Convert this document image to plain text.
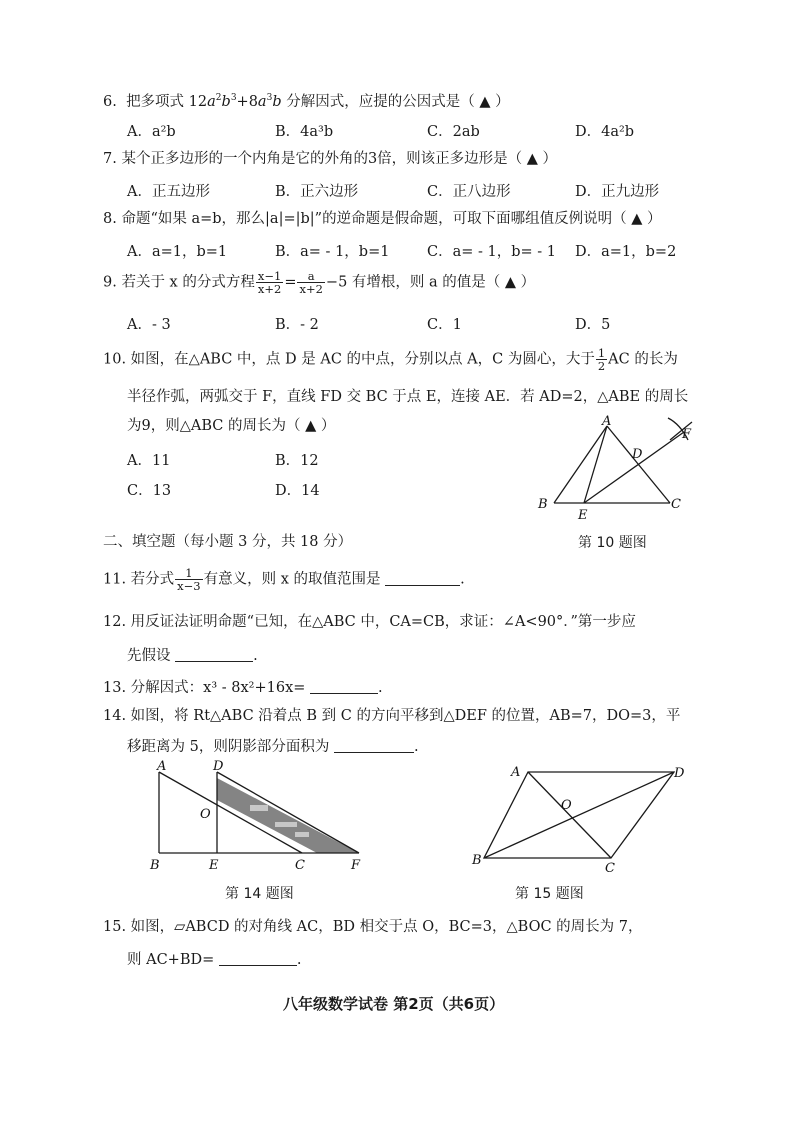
6. 把多项式 $12a^2b^3+8a^3b$ 分解因式，应提的公因式是（ ▲ ）
A．a²b	B．4a³b	C．2ab	D．4a²b
7. 某个正多边形的一个内角是它的外角的3倍，则该正多边形是（ ▲ ）
A．正五边形	B．正六边形	C．正八边形	D．正九边形
8. 命题“如果 a=b，那么|a|=|b|”的逆命题是假命题，可取下面哪组值反例说明（ ▲ ）
A．a=1，b=1	B．a= - 1，b=1	C．a= - 1，b= - 1 D．a=1，b=2
9. 若关于 x 的分式方程 $\frac{x-1}{x+2} = \frac{a}{x+2} -5$ 有增根，则 a 的值是（ ▲ ）
A．- 3	B．- 2	C．1	D．5
10. 如图，在△ABC 中，点 D 是 AC 的中点，分别以点 A，C 为圆心，大于 $\frac{1}{2}$ AC 的长为
半径作弧，两弧交于 F，直线 FD 交 BC 于点 E，连接 AE．若 AD=2，△ABE 的周长
为9，则△ABC 的周长为（ ▲ ）
A．11	B．12
C．13	D．14
A
B	C
D
E
F
第 10 题图
二、填空题（每小题 3 分，共 18 分）
11. 若分式 $\frac{1}{x-3}$ 有意义，则 x 的取值范围是	.
12. 用反证法证明命题“已知，在△ABC 中，CA=CB，求证：∠A<90°．”第一步应
先假设	.
13. 分解因式：x³ - 8x²+16x=	.
14. 如图，将 Rt△ABC 沿着点 B 到 C 的方向平移到△DEF 的位置，AB=7，DO=3，平
移距离为 5，则阴影部分面积为	.
A	D
O
B	E	C	F
第 14 题图
A	D
O
B
C
第 15 题图
15. 如图，▱ABCD 的对角线 AC，BD 相交于点 O，BC=3，△BOC 的周长为 7，
则 AC+BD=	.
八年级数学试卷 第2页（共6页）
